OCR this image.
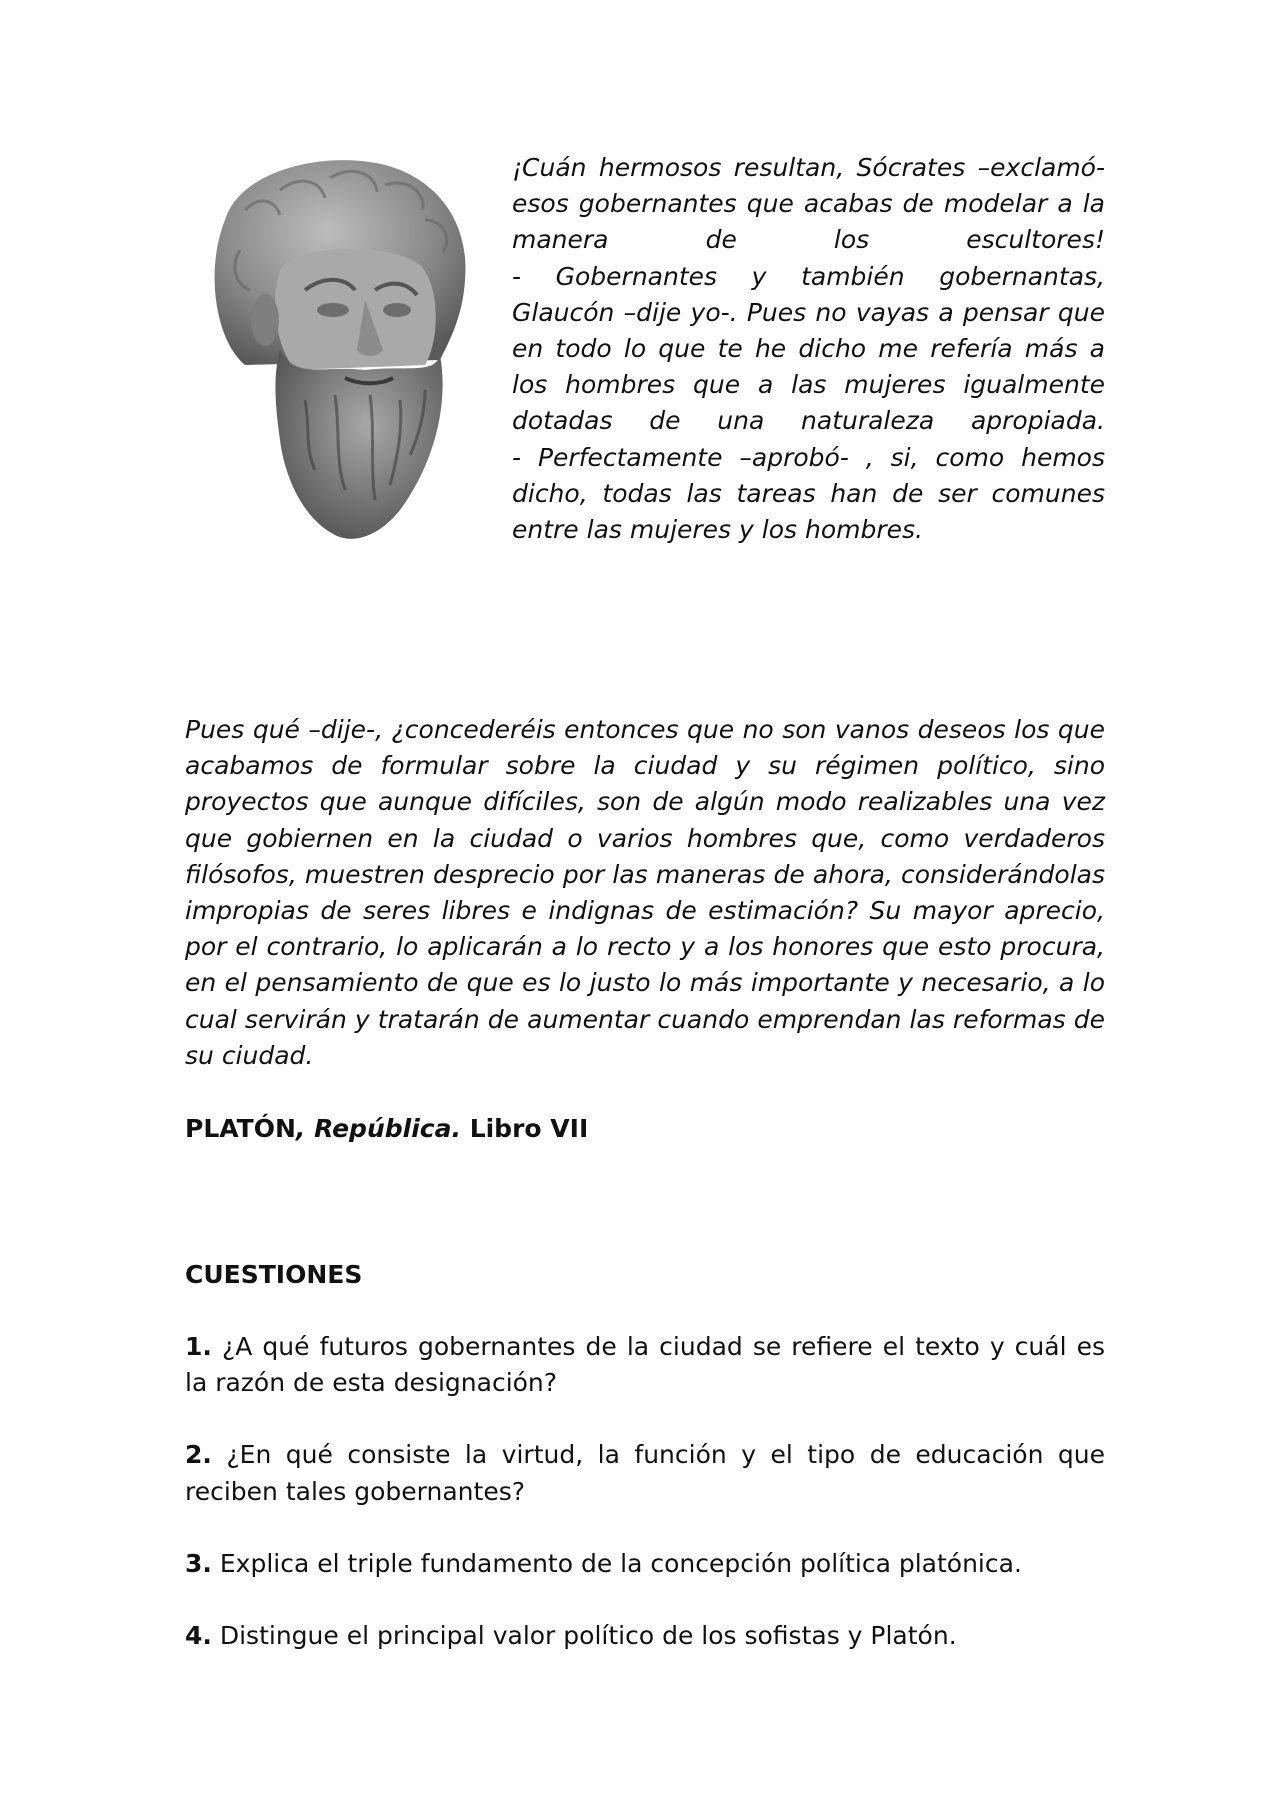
¡Cuán hermosos resultan, Sócrates –exclamó- esos gobernantes que acabas de modelar a la manera de los escultores!

- Gobernantes y también gobernantas, Glaucón –dije yo-. Pues no vayas a pensar que en todo lo que te he dicho me refería más a los hombres que a las mujeres igualmente dotadas de una naturaleza apropiada.

- Perfectamente –aprobó- , si, como hemos dicho, todas las tareas han de ser comunes entre las mujeres y los hombres.

Pues qué –dije-, ¿concederéis entonces que no son vanos deseos los que acabamos de formular sobre la ciudad y su régimen político, sino proyectos que aunque difíciles, son de algún modo realizables una vez que gobiernen en la ciudad o varios hombres que, como verdaderos filósofos, muestren desprecio por las maneras de ahora, considerándolas impropias de seres libres e indignas de estimación? Su mayor aprecio, por el contrario, lo aplicarán a lo recto y a los honores que esto procura, en el pensamiento de que es lo justo lo más importante y necesario, a lo cual servirán y tratarán de aumentar cuando emprendan las reformas de su ciudad.

PLATÓN, República. Libro VII
CUESTIONES
1. ¿A qué futuros gobernantes de la ciudad se refiere el texto y cuál es la razón de esta designación?
2. ¿En qué consiste la virtud, la función y el tipo de educación que reciben tales gobernantes?
3. Explica el triple fundamento de la concepción política platónica.
4. Distingue el principal valor político de los sofistas y Platón.
